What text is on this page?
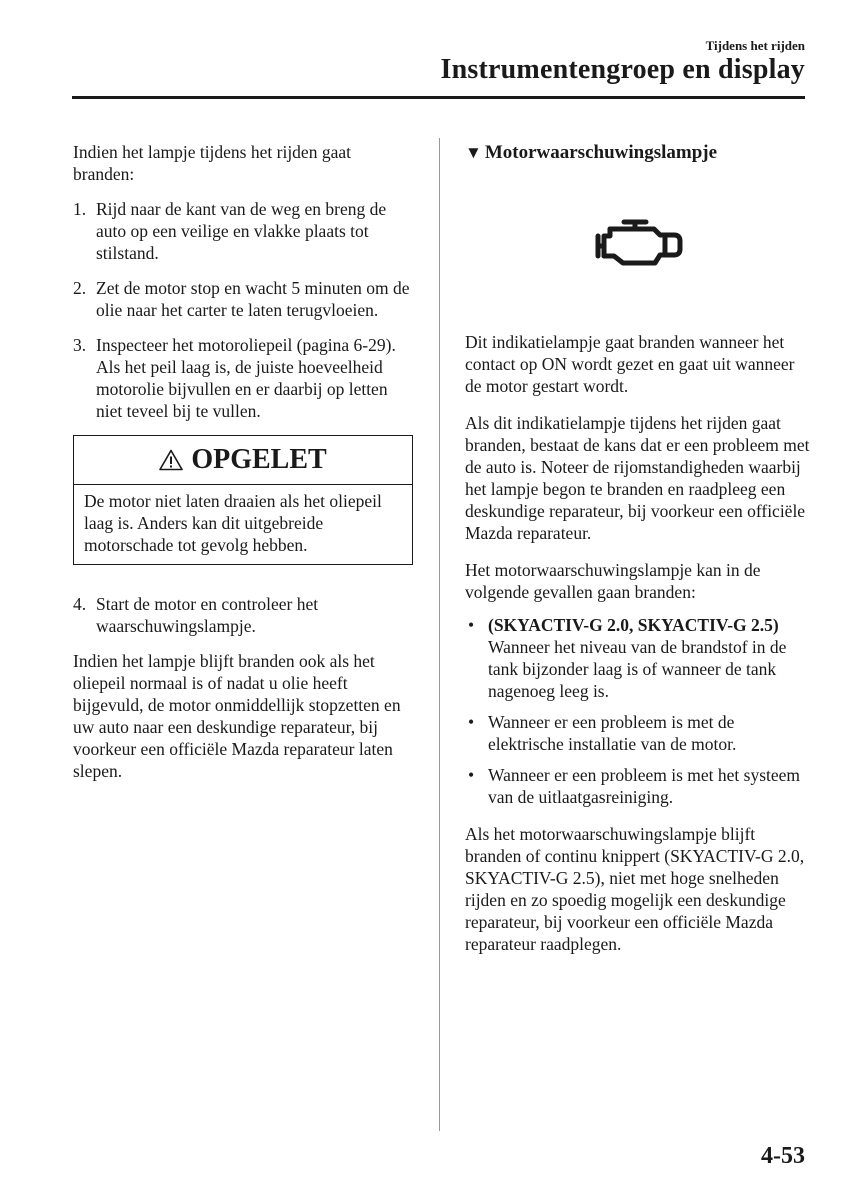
Tijdens het rijden
Instrumentengroep en display

Indien het lampje tijdens het rijden gaat branden:

1. Rijd naar de kant van de weg en breng de auto op een veilige en vlakke plaats tot stilstand.
2. Zet de motor stop en wacht 5 minuten om de olie naar het carter te laten terugvloeien.
3. Inspecteer het motoroliepeil (pagina 6-29). Als het peil laag is, de juiste hoeveelheid motorolie bijvullen en er daarbij op letten niet teveel bij te vullen.
OPGELET
De motor niet laten draaien als het oliepeil laag is. Anders kan dit uitgebreide motorschade tot gevolg hebben.
4. Start de motor en controleer het waarschuwingslampje.

Indien het lampje blijft branden ook als het oliepeil normaal is of nadat u olie heeft bijgevuld, de motor onmiddellijk stopzetten en uw auto naar een deskundige reparateur, bij voorkeur een officiële Mazda reparateur laten slepen.

▼ Motorwaarschuwingslampje

Dit indikatielampje gaat branden wanneer het contact op ON wordt gezet en gaat uit wanneer de motor gestart wordt.

Als dit indikatielampje tijdens het rijden gaat branden, bestaat de kans dat er een probleem met de auto is. Noteer de rijomstandigheden waarbij het lampje begon te branden en raadpleeg een deskundige reparateur, bij voorkeur een officiële Mazda reparateur.

Het motorwaarschuwingslampje kan in de volgende gevallen gaan branden:

• (SKYACTIV-G 2.0, SKYACTIV-G 2.5)
Wanneer het niveau van de brandstof in de tank bijzonder laag is of wanneer de tank nagenoeg leeg is.
• Wanneer er een probleem is met de elektrische installatie van de motor.
• Wanneer er een probleem is met het systeem van de uitlaatgasreiniging.

Als het motorwaarschuwingslampje blijft branden of continu knippert (SKYACTIV-G 2.0, SKYACTIV-G 2.5), niet met hoge snelheden rijden en zo spoedig mogelijk een deskundige reparateur, bij voorkeur een officiële Mazda reparateur raadplegen.

4-53
